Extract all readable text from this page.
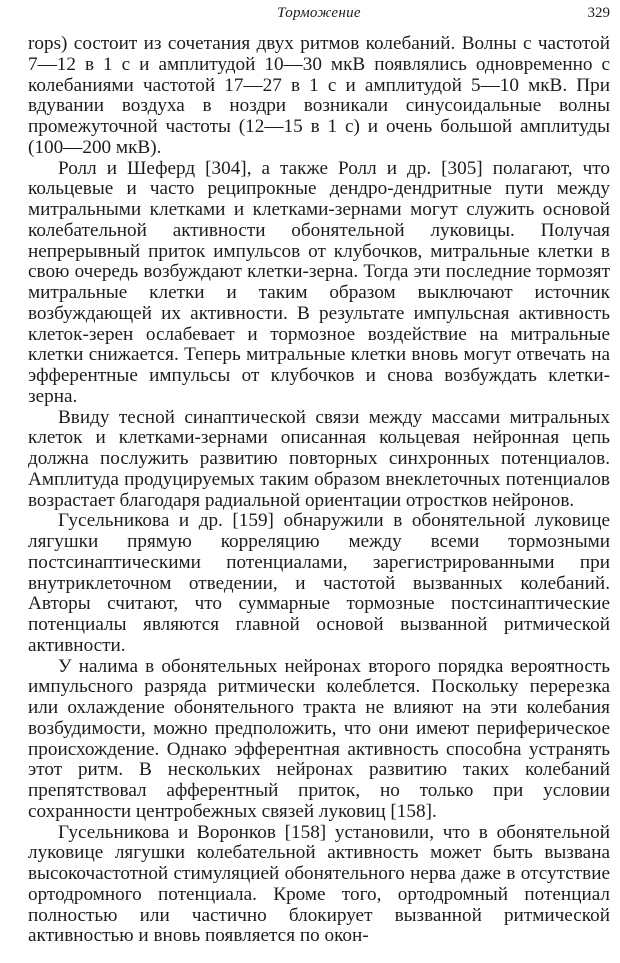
Торможение	329

rops) состоит из сочетания двух ритмов колебаний. Волны с частотой 7—12 в 1 с и амплитудой 10—30 мкВ появлялись одновременно с колебаниями частотой 17—27 в 1 с и амплитудой 5—10 мкВ. При вдувании воздуха в ноздри возникали синусоидальные волны промежуточной частоты (12—15 в 1 с) и очень большой амплитуды (100—200 мкВ).

Ролл и Шеферд [304], а также Ролл и др. [305] полагают, что кольцевые и часто реципрокные дендро-дендритные пути между митральными клетками и клетками-зернами могут служить основой колебательной активности обонятельной луковицы. Получая непрерывный приток импульсов от клубочков, митральные клетки в свою очередь возбуждают клетки-зерна. Тогда эти последние тормозят митральные клетки и таким образом выключают источник возбуждающей их активности. В результате импульсная активность клеток-зерен ослабевает и тормозное воздействие на митральные клетки снижается. Теперь митральные клетки вновь могут отвечать на эфферентные импульсы от клубочков и снова возбуждать клетки-зерна.

Ввиду тесной синаптической связи между массами митральных клеток и клетками-зернами описанная кольцевая нейронная цепь должна послужить развитию повторных синхронных потенциалов. Амплитуда продуцируемых таким образом внеклеточных потенциалов возрастает благодаря радиальной ориентации отростков нейронов.

Гусельникова и др. [159] обнаружили в обонятельной луковице лягушки прямую корреляцию между всеми тормозными постсинаптическими потенциалами, зарегистрированными при внутриклеточном отведении, и частотой вызванных колебаний. Авторы считают, что суммарные тормозные постсинаптические потенциалы являются главной основой вызванной ритмической активности.

У налима в обонятельных нейронах второго порядка вероятность импульсного разряда ритмически колеблется. Поскольку перерезка или охлаждение обонятельного тракта не влияют на эти колебания возбудимости, можно предположить, что они имеют периферическое происхождение. Однако эфферентная активность способна устранять этот ритм. В нескольких нейронах развитию таких колебаний препятствовал афферентный приток, но только при условии сохранности центробежных связей луковиц [158].

Гусельникова и Воронков [158] установили, что в обонятельной луковице лягушки колебательной активность может быть вызвана высокочастотной стимуляцией обонятельного нерва даже в отсутствие ортодромного потенциала. Кроме того, ортодромный потенциал полностью или частично блокирует вызванной ритмической активностью и вновь появляется по окон-
